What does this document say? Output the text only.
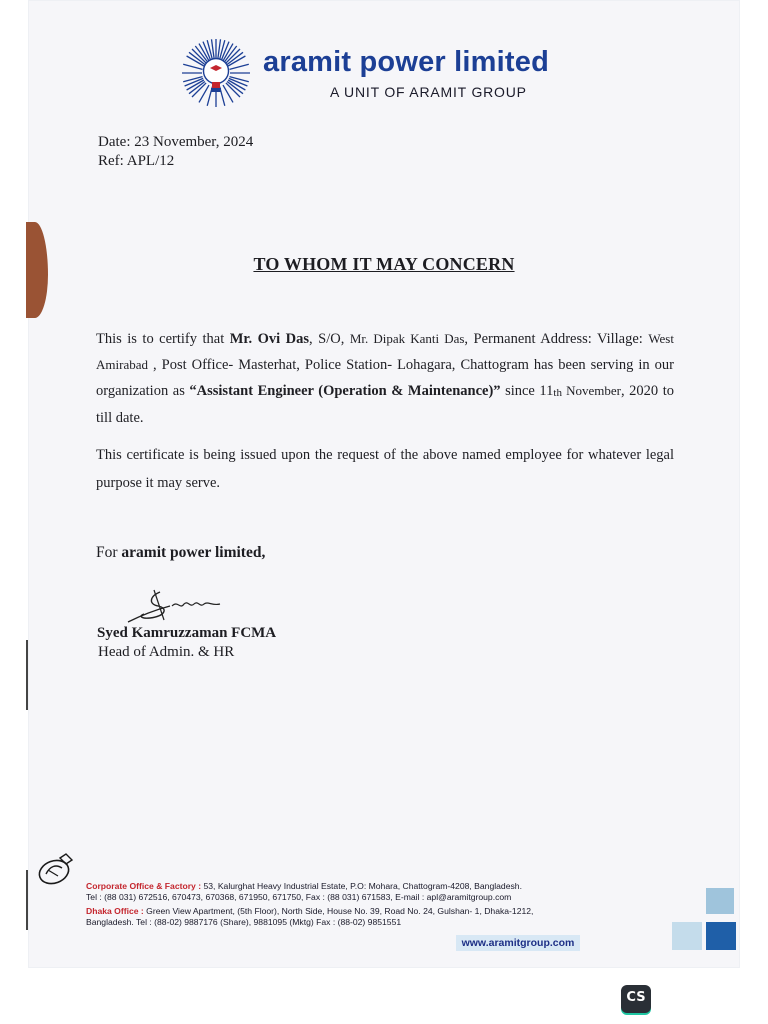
aramit power limited
A UNIT OF ARAMIT GROUP
Date: 23 November, 2024
Ref: APL/12
TO WHOM IT MAY CONCERN
This is to certify that Mr. Ovi Das, S/O, Mr. Dipak Kanti Das, Permanent Address: Village: West Amirabad , Post Office- Masterhat, Police Station- Lohagara, Chattogram has been serving in our organization as “Assistant Engineer (Operation & Maintenance)” since 11th November, 2020 to till date.
This certificate is being issued upon the request of the above named employee for whatever legal purpose it may serve.
For aramit power limited,
Syed Kamruzzaman FCMA
Head of Admin. & HR
Corporate Office & Factory : 53, Kalurghat Heavy Industrial Estate, P.O: Mohara, Chattogram-4208, Bangladesh.
Tel : (88 031) 672516, 670473, 670368, 671950, 671750, Fax : (88 031) 671583, E-mail : apl@aramitgroup.com
Dhaka Office : Green View Apartment, (5th Floor), North Side, House No. 39, Road No. 24, Gulshan- 1, Dhaka-1212,
Bangladesh. Tel : (88-02) 9887176 (Share), 9881095 (Mktg) Fax : (88-02) 9851551
www.aramitgroup.com
CS
